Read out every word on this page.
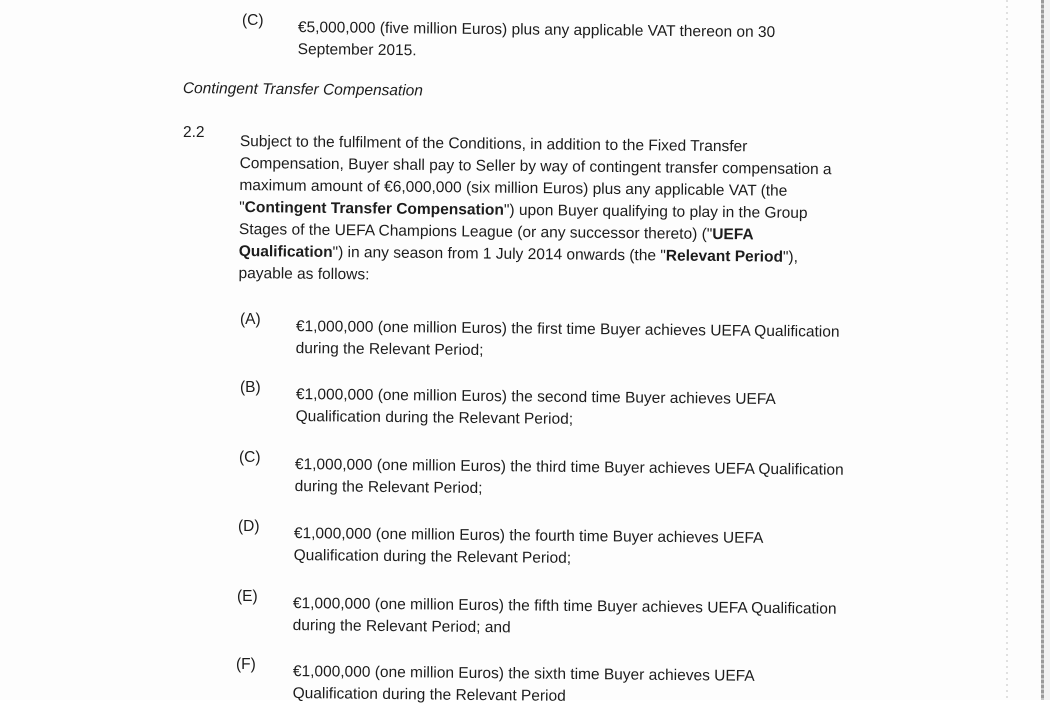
(C) €5,000,000 (five million Euros) plus any applicable VAT thereon on 30
September 2015.
Contingent Transfer Compensation
2.2
Subject to the fulfilment of the Conditions, in addition to the Fixed Transfer
Compensation, Buyer shall pay to Seller by way of contingent transfer compensation a
maximum amount of €6,000,000 (six million Euros) plus any applicable VAT (the
"Contingent Transfer Compensation") upon Buyer qualifying to play in the Group
Stages of the UEFA Champions League (or any successor thereto) ("UEFA
Qualification") in any season from 1 July 2014 onwards (the "Relevant Period"),
payable as follows:
(A) €1,000,000 (one million Euros) the first time Buyer achieves UEFA Qualification
during the Relevant Period;
(B) €1,000,000 (one million Euros) the second time Buyer achieves UEFA
Qualification during the Relevant Period;
(C) €1,000,000 (one million Euros) the third time Buyer achieves UEFA Qualification
during the Relevant Period;
(D) €1,000,000 (one million Euros) the fourth time Buyer achieves UEFA
Qualification during the Relevant Period;
(E) €1,000,000 (one million Euros) the fifth time Buyer achieves UEFA Qualification
during the Relevant Period; and
(F) €1,000,000 (one million Euros) the sixth time Buyer achieves UEFA
Qualification during the Relevant Period
